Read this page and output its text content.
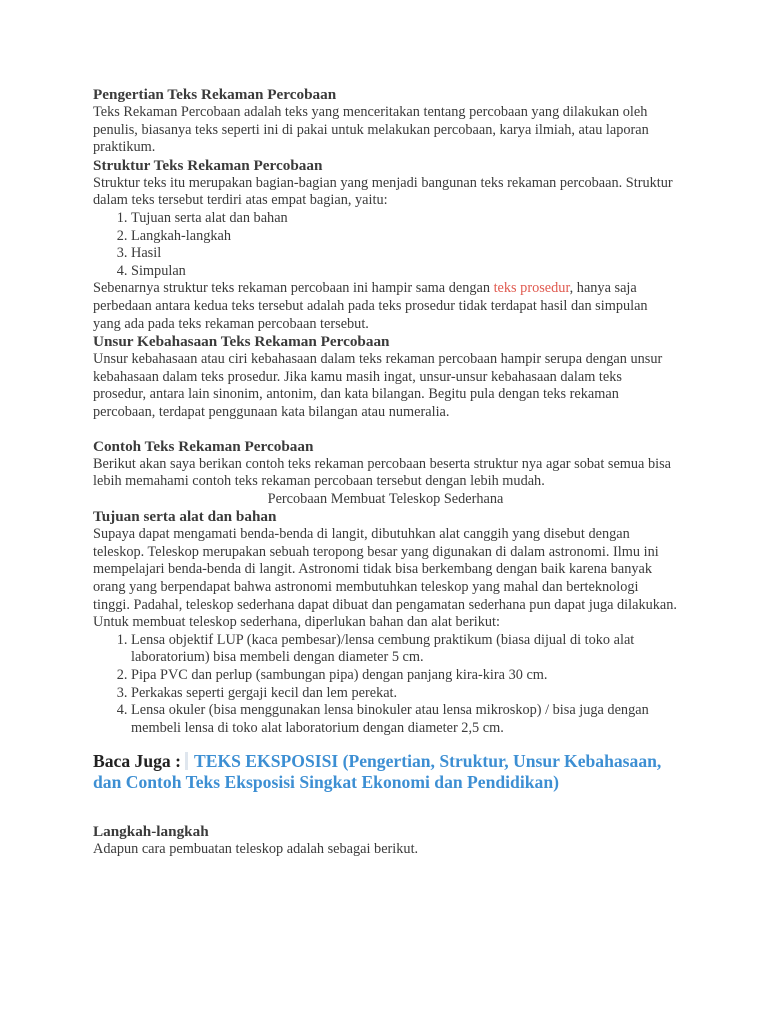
Pengertian Teks Rekaman Percobaan

Teks Rekaman Percobaan adalah teks yang menceritakan tentang percobaan yang dilakukan oleh penulis, biasanya teks seperti ini di pakai untuk melakukan percobaan, karya ilmiah, atau laporan praktikum.

Struktur Teks Rekaman Percobaan

Struktur teks itu merupakan bagian-bagian yang menjadi bangunan teks rekaman percobaan. Struktur dalam teks tersebut terdiri atas empat bagian, yaitu:

1. Tujuan serta alat dan bahan
2. Langkah-langkah
3. Hasil
4. Simpulan

Sebenarnya struktur teks rekaman percobaan ini hampir sama dengan teks prosedur, hanya saja perbedaan antara kedua teks tersebut adalah pada teks prosedur tidak terdapat hasil dan simpulan yang ada pada teks rekaman percobaan tersebut.

Unsur Kebahasaan Teks Rekaman Percobaan

Unsur kebahasaan atau ciri kebahasaan dalam teks rekaman percobaan hampir serupa dengan unsur kebahasaan dalam teks prosedur. Jika kamu masih ingat, unsur-unsur kebahasaan dalam teks prosedur, antara lain sinonim, antonim, dan kata bilangan. Begitu pula dengan teks rekaman percobaan, terdapat penggunaan kata bilangan atau numeralia.

Contoh Teks Rekaman Percobaan

Berikut akan saya berikan contoh teks rekaman percobaan beserta struktur nya agar sobat semua bisa lebih memahami contoh teks rekaman percobaan tersebut dengan lebih mudah.

Percobaan Membuat Teleskop Sederhana

Tujuan serta alat dan bahan

Supaya dapat mengamati benda-benda di langit, dibutuhkan alat canggih yang disebut dengan teleskop. Teleskop merupakan sebuah teropong besar yang digunakan di dalam astronomi. Ilmu ini mempelajari benda-benda di langit. Astronomi tidak bisa berkembang dengan baik karena banyak orang yang berpendapat bahwa astronomi membutuhkan teleskop yang mahal dan berteknologi tinggi. Padahal, teleskop sederhana dapat dibuat dan pengamatan sederhana pun dapat juga dilakukan.

Untuk membuat teleskop sederhana, diperlukan bahan dan alat berikut:

1. Lensa objektif LUP (kaca pembesar)/lensa cembung praktikum (biasa dijual di toko alat laboratorium) bisa membeli dengan diameter 5 cm.
2. Pipa PVC dan perlup (sambungan pipa) dengan panjang kira-kira 30 cm.
3. Perkakas seperti gergaji kecil dan lem perekat.
4. Lensa okuler (bisa menggunakan lensa binokuler atau lensa mikroskop) / bisa juga dengan membeli lensa di toko alat laboratorium dengan diameter 2,5 cm.
Baca Juga : TEKS EKSPOSISI (Pengertian, Struktur, Unsur Kebahasaan, dan Contoh Teks Eksposisi Singkat Ekonomi dan Pendidikan)
Langkah-langkah

Adapun cara pembuatan teleskop adalah sebagai berikut.
